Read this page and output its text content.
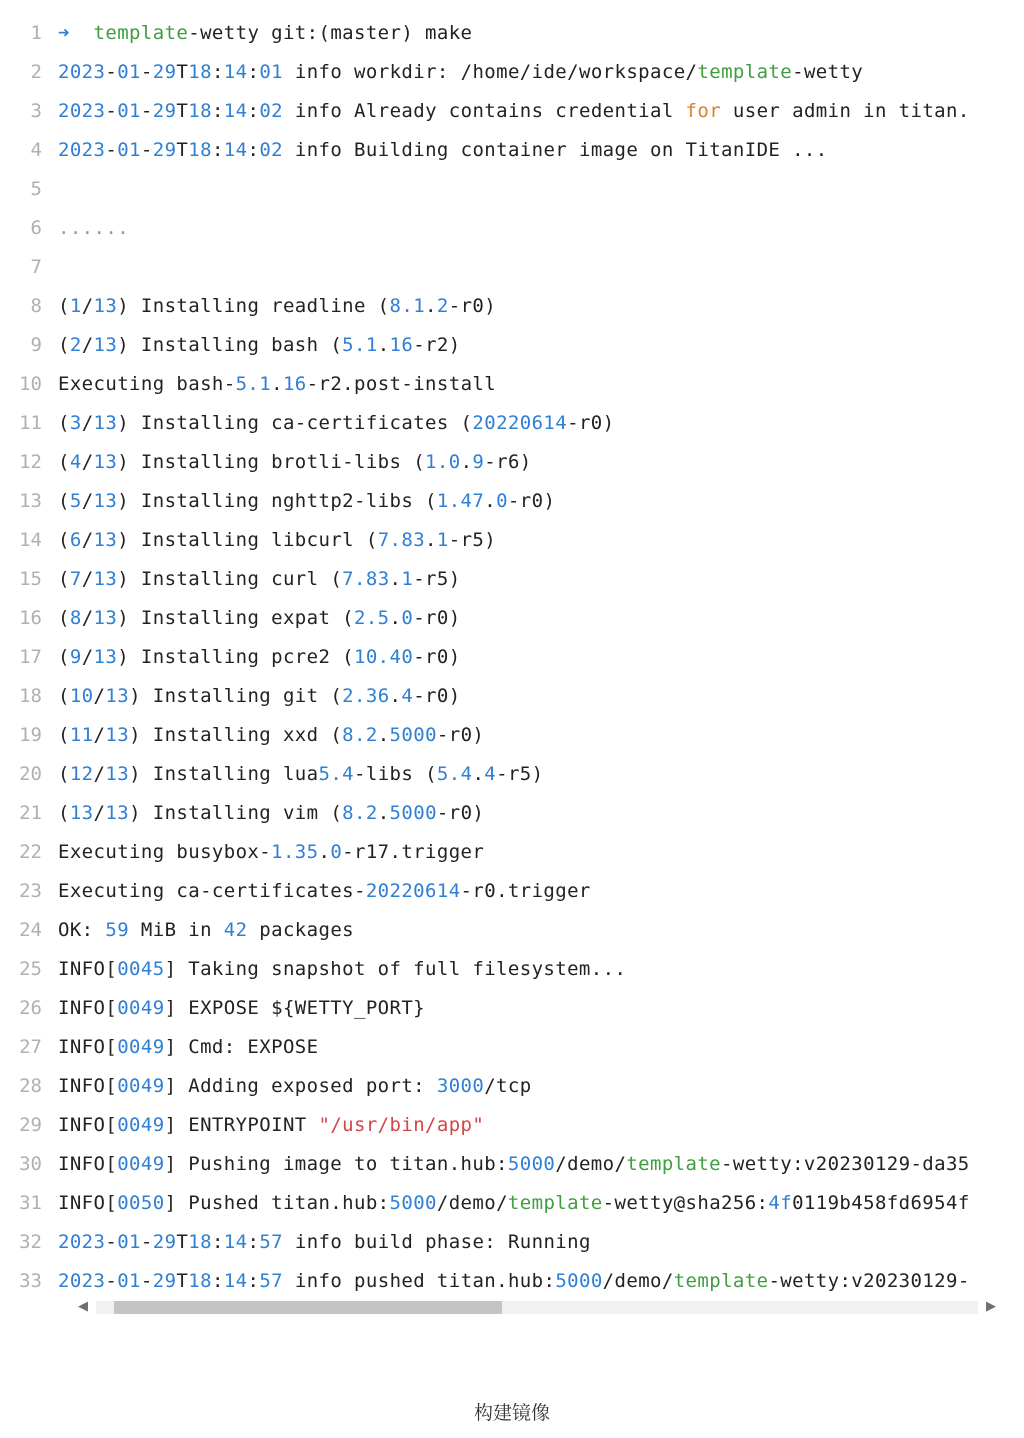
1 ➜  template-wetty git:(master) make
2 2023-01-29T18:14:01 info workdir: /home/ide/workspace/template-wetty
3 2023-01-29T18:14:02 info Already contains credential for user admin in titan.
4 2023-01-29T18:14:02 info Building container image on TitanIDE ...
5
6 ......
7
8 (1/13) Installing readline (8.1.2-r0)
9 (2/13) Installing bash (5.1.16-r2)
10 Executing bash-5.1.16-r2.post-install
11 (3/13) Installing ca-certificates (20220614-r0)
12 (4/13) Installing brotli-libs (1.0.9-r6)
13 (5/13) Installing nghttp2-libs (1.47.0-r0)
14 (6/13) Installing libcurl (7.83.1-r5)
15 (7/13) Installing curl (7.83.1-r5)
16 (8/13) Installing expat (2.5.0-r0)
17 (9/13) Installing pcre2 (10.40-r0)
18 (10/13) Installing git (2.36.4-r0)
19 (11/13) Installing xxd (8.2.5000-r0)
20 (12/13) Installing lua5.4-libs (5.4.4-r5)
21 (13/13) Installing vim (8.2.5000-r0)
22 Executing busybox-1.35.0-r17.trigger
23 Executing ca-certificates-20220614-r0.trigger
24 OK: 59 MiB in 42 packages
25 INFO[0045] Taking snapshot of full filesystem...
26 INFO[0049] EXPOSE ${WETTY_PORT}
27 INFO[0049] Cmd: EXPOSE
28 INFO[0049] Adding exposed port: 3000/tcp
29 INFO[0049] ENTRYPOINT "/usr/bin/app"
30 INFO[0049] Pushing image to titan.hub:5000/demo/template-wetty:v20230129-da35
31 INFO[0050] Pushed titan.hub:5000/demo/template-wetty@sha256:4f0119b458fd6954f
32 2023-01-29T18:14:57 info build phase: Running
33 2023-01-29T18:14:57 info pushed titan.hub:5000/demo/template-wetty:v20230129-
◀	▶
构建镜像
